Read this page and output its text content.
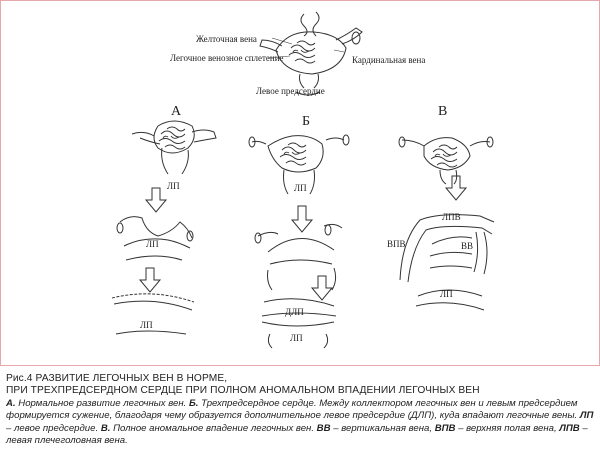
Желточная вена
Легочное венозное сплетение	Кардинальная вена
Левое предсердие
А
Б
В
ЛП
ЛП
ЛП
ЛП
ДЛП
ЛП
ЛПВ
ВПВ	ВВ
ЛП
Рис.4 РАЗВИТИЕ ЛЕГОЧНЫХ ВЕН В НОРМЕ,
ПРИ ТРЕХПРЕДСЕРДНОМ СЕРДЦЕ ПРИ ПОЛНОМ АНОМАЛЬНОМ ВПАДЕНИИ ЛЕГОЧНЫХ ВЕН
А. Нормальное развитие легочных вен. Б. Трехпредсердное сердце. Между коллектором легочных вен и левым предсердием формируется сужение, благодаря чему образуется дополнительное левое предсердие (ДЛП), куда впадают легочные вены. ЛП – левое предсердие. В. Полное аномальное впадение легочных вен. ВВ – вертикальная вена, ВПВ – верхняя полая вена, ЛПВ – левая плечеголовная вена.
